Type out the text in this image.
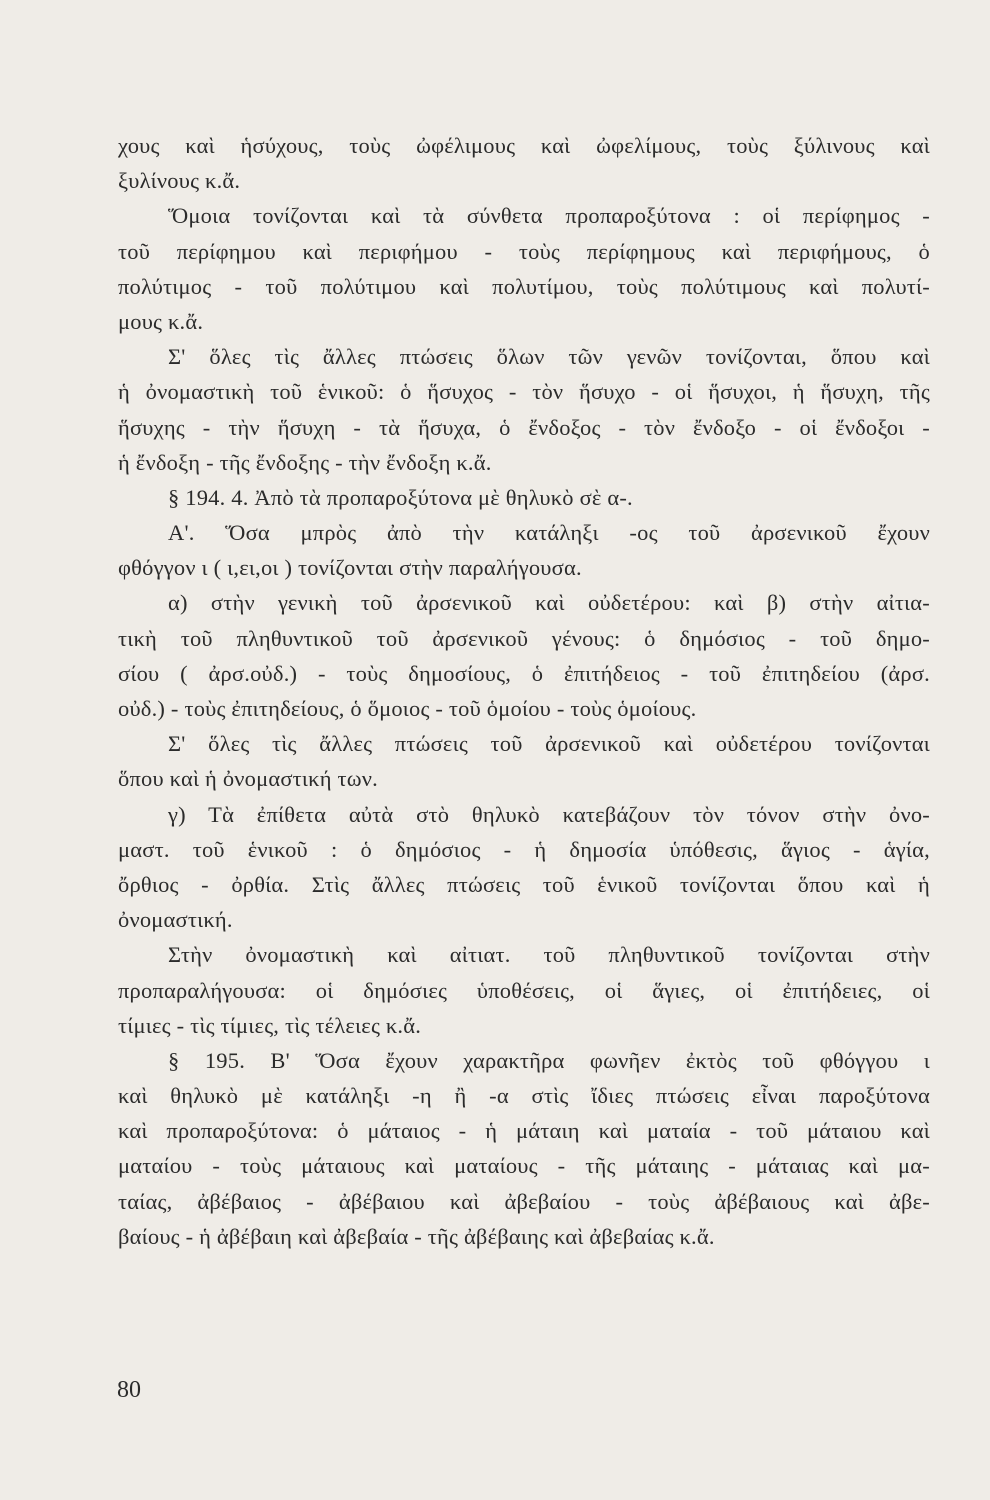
χους καὶ ἡσύχους, τοὺς ὠφέλιμους καὶ ὠφελίμους, τοὺς ξύλινους καὶ
ξυλίνους κ.ἄ.
Ὅμοια τονίζονται καὶ τὰ σύνθετα προπαροξύτονα : οἱ περίφημος -
τοῦ περίφημου καὶ περιφήμου - τοὺς περίφημους καὶ περιφήμους, ὁ
πολύτιμος - τοῦ πολύτιμου καὶ πολυτίμου, τοὺς πολύτιμους καὶ πολυτί-
μους κ.ἄ.
Σ' ὅλες τὶς ἄλλες πτώσεις ὅλων τῶν γενῶν τονίζονται, ὅπου καὶ
ἡ ὀνομαστικὴ τοῦ ἑνικοῦ: ὁ ἥσυχος - τὸν ἥσυχο - οἱ ἥσυχοι, ἡ ἥσυχη, τῆς
ἥσυχης - τὴν ἥσυχη - τὰ ἥσυχα, ὁ ἔνδοξος - τὸν ἔνδοξο - οἱ ἔνδοξοι -
ἡ ἔνδοξη - τῆς ἔνδοξης - τὴν ἔνδοξη κ.ἄ.
§ 194. 4. Ἀπὸ τὰ προπαροξύτονα μὲ θηλυκὸ σὲ α-.
Α'. Ὅσα μπρὸς ἀπὸ τὴν κατάληξι -ος τοῦ ἀρσενικοῦ ἔχουν
φθόγγον ι ( ι,ει,οι ) τονίζονται στὴν παραλήγουσα.
α) στὴν γενικὴ τοῦ ἀρσενικοῦ καὶ οὐδετέρου: καὶ β) στὴν αἰτια-
τικὴ τοῦ πληθυντικοῦ τοῦ ἀρσενικοῦ γένους: ὁ δημόσιος - τοῦ δημο-
σίου ( ἀρσ.οὐδ.) - τοὺς δημοσίους, ὁ ἐπιτήδειος - τοῦ ἐπιτηδείου (ἀρσ.
οὐδ.) - τοὺς ἐπιτηδείους, ὁ ὅμοιος - τοῦ ὁμοίου - τοὺς ὁμοίους.
Σ' ὅλες τὶς ἄλλες πτώσεις τοῦ ἀρσενικοῦ καὶ οὐδετέρου τονίζονται
ὅπου καὶ ἡ ὀνομαστική των.
γ) Τὰ ἐπίθετα αὐτὰ στὸ θηλυκὸ κατεβάζουν τὸν τόνον στὴν ὀνο-
μαστ. τοῦ ἑνικοῦ : ὁ δημόσιος - ἡ δημοσία ὑπόθεσις, ἅγιος - ἁγία,
ὄρθιος - ὀρθία. Στὶς ἄλλες πτώσεις τοῦ ἑνικοῦ τονίζονται ὅπου καὶ ἡ
ὀνομαστική.
Στὴν ὀνομαστικὴ καὶ αἰτιατ. τοῦ πληθυντικοῦ τονίζονται στὴν
προπαραλήγουσα: οἱ δημόσιες ὑποθέσεις, οἱ ἅγιες, οἱ ἐπιτήδειες, οἱ
τίμιες - τὶς τίμιες, τὶς τέλειες κ.ἄ.
§ 195. Β' Ὅσα ἔχουν χαρακτῆρα φωνῆεν ἐκτὸς τοῦ φθόγγου ι
καὶ θηλυκὸ μὲ κατάληξι -η ἢ -α στὶς ἴδιες πτώσεις εἶναι παροξύτονα
καὶ προπαροξύτονα: ὁ μάταιος - ἡ μάταιη καὶ ματαία - τοῦ μάταιου καὶ
ματαίου - τοὺς μάταιους καὶ ματαίους - τῆς μάταιης - μάταιας καὶ μα-
ταίας, ἀβέβαιος - ἀβέβαιου καὶ ἀβεβαίου - τοὺς ἀβέβαιους καὶ ἀβε-
βαίους - ἡ ἀβέβαιη καὶ ἀβεβαία - τῆς ἀβέβαιης καὶ ἀβεβαίας κ.ἄ.
80
